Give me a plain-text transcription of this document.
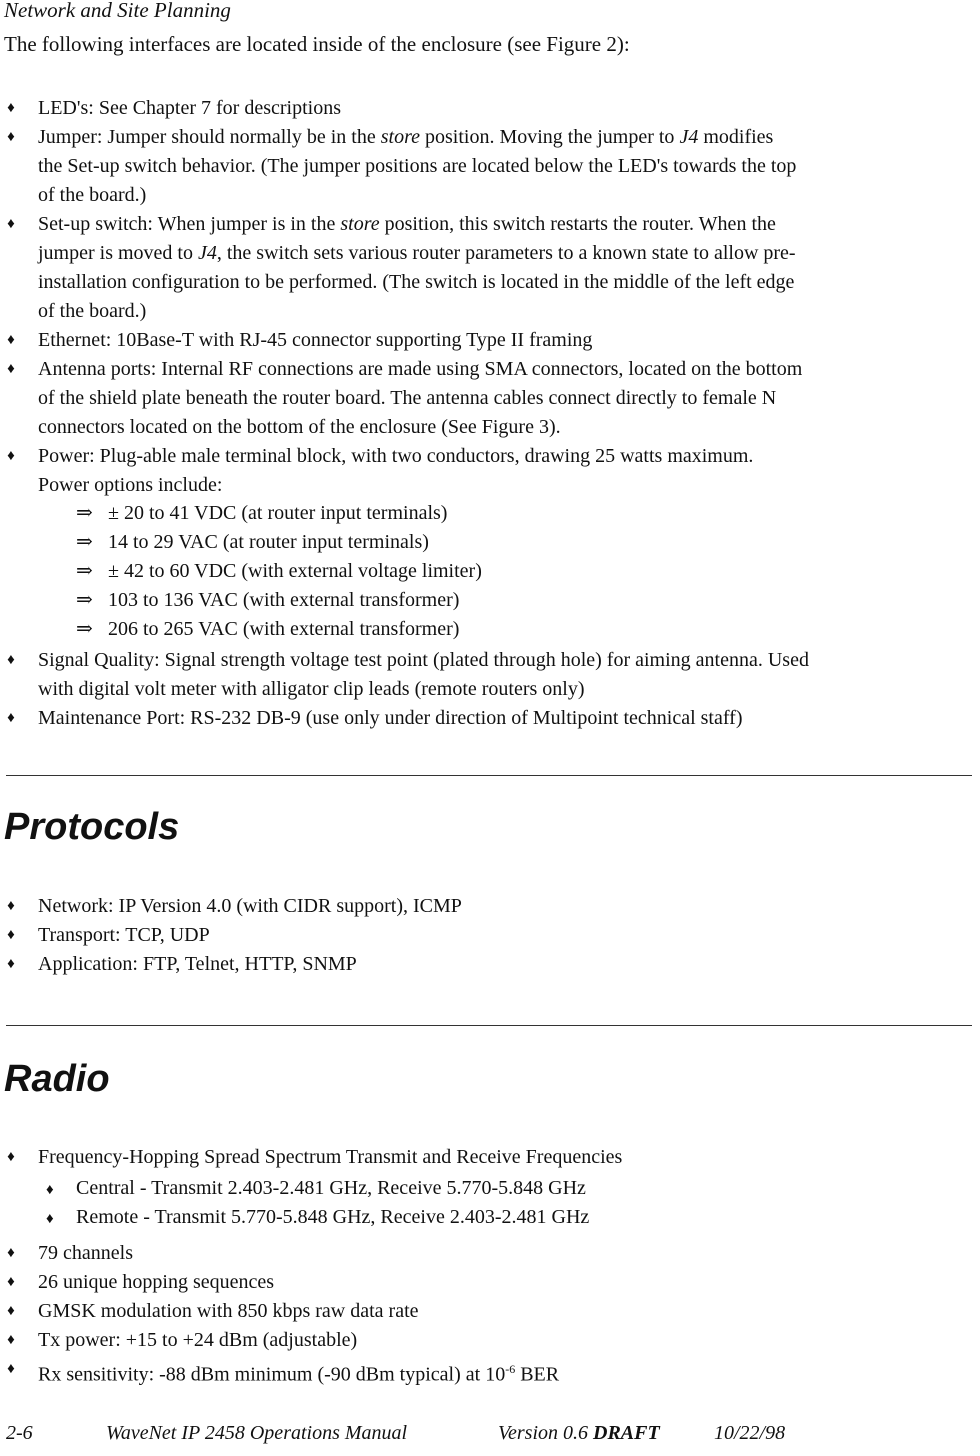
Network and Site Planning
The following interfaces are located inside of the enclosure (see Figure 2):
♦ LED's: See Chapter 7 for descriptions
♦ Jumper: Jumper should normally be in the store position. Moving the jumper to J4 modifies
the Set-up switch behavior. (The jumper positions are located below the LED's towards the top
of the board.)
♦ Set-up switch: When jumper is in the store position, this switch restarts the router. When the
jumper is moved to J4, the switch sets various router parameters to a known state to allow pre-
installation configuration to be performed. (The switch is located in the middle of the left edge
of the board.)
♦ Ethernet: 10Base-T with RJ-45 connector supporting Type II framing
♦ Antenna ports: Internal RF connections are made using SMA connectors, located on the bottom
of the shield plate beneath the router board. The antenna cables connect directly to female N
connectors located on the bottom of the enclosure (See Figure 3).
♦ Power: Plug-able male terminal block, with two conductors, drawing 25 watts maximum.
Power options include:
⇒ ± 20 to 41 VDC (at router input terminals)
⇒ 14 to 29 VAC (at router input terminals)
⇒ ± 42 to 60 VDC (with external voltage limiter)
⇒ 103 to 136 VAC (with external transformer)
⇒ 206 to 265 VAC (with external transformer)
♦ Signal Quality: Signal strength voltage test point (plated through hole) for aiming antenna. Used
with digital volt meter with alligator clip leads (remote routers only)
♦ Maintenance Port: RS-232 DB-9 (use only under direction of Multipoint technical staff)
Protocols
♦ Network: IP Version 4.0 (with CIDR support), ICMP
♦ Transport: TCP, UDP
♦ Application: FTP, Telnet, HTTP, SNMP
Radio
♦ Frequency-Hopping Spread Spectrum Transmit and Receive Frequencies
♦ Central - Transmit 2.403-2.481 GHz, Receive 5.770-5.848 GHz
♦ Remote - Transmit 5.770-5.848 GHz, Receive 2.403-2.481 GHz
♦ 79 channels
♦ 26 unique hopping sequences
♦ GMSK modulation with 850 kbps raw data rate
♦ Tx power: +15 to +24 dBm (adjustable)
♦ Rx sensitivity: -88 dBm minimum (-90 dBm typical) at $10^{-6}$ BER
2-6	WaveNet IP 2458 Operations Manual	Version 0.6 DRAFT	10/22/98
